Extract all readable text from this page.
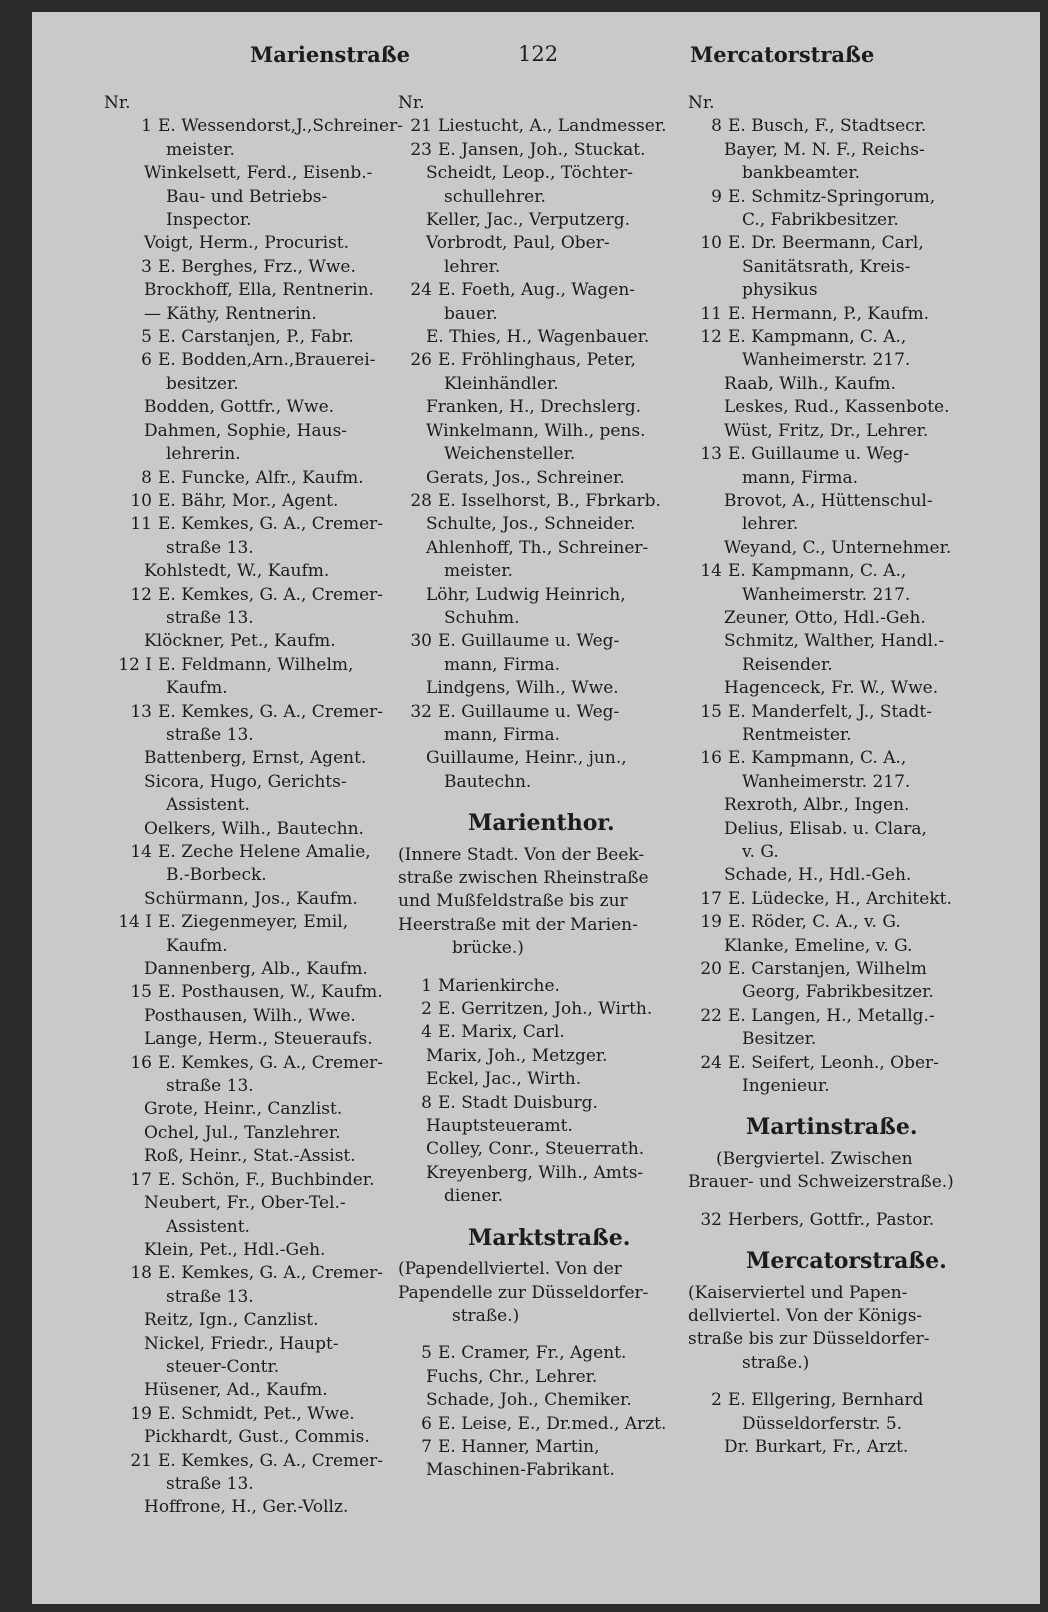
Marienstraße	122	Mercatorstraße
Nr.
1 E. Wessendorst,J.,Schreiner-
meister.
Winkelsett, Ferd., Eisenb.-
Bau- und Betriebs-
Inspector.
Voigt, Herm., Procurist.
3 E. Berghes, Frz., Wwe.
Brockhoff, Ella, Rentnerin.
— Käthy, Rentnerin.
5 E. Carstanjen, P., Fabr.
6 E. Bodden,Arn.,Brauerei-
besitzer.
Bodden, Gottfr., Wwe.
Dahmen, Sophie, Haus-
lehrerin.
8 E. Funcke, Alfr., Kaufm.
10 E. Bähr, Mor., Agent.
11 E. Kemkes, G. A., Cremer-
straße 13.
Kohlstedt, W., Kaufm.
12 E. Kemkes, G. A., Cremer-
straße 13.
Klöckner, Pet., Kaufm.
12 I E. Feldmann, Wilhelm,
Kaufm.
13 E. Kemkes, G. A., Cremer-
straße 13.
Battenberg, Ernst, Agent.
Sicora, Hugo, Gerichts-
Assistent.
Oelkers, Wilh., Bautechn.
14 E. Zeche Helene Amalie,
B.-Borbeck.
Schürmann, Jos., Kaufm.
14 I E. Ziegenmeyer, Emil,
Kaufm.
Dannenberg, Alb., Kaufm.
15 E. Posthausen, W., Kaufm.
Posthausen, Wilh., Wwe.
Lange, Herm., Steueraufs.
16 E. Kemkes, G. A., Cremer-
straße 13.
Grote, Heinr., Canzlist.
Ochel, Jul., Tanzlehrer.
Roß, Heinr., Stat.-Assist.
17 E. Schön, F., Buchbinder.
Neubert, Fr., Ober-Tel.-
Assistent.
Klein, Pet., Hdl.-Geh.
18 E. Kemkes, G. A., Cremer-
straße 13.
Reitz, Ign., Canzlist.
Nickel, Friedr., Haupt-
steuer-Contr.
Hüsener, Ad., Kaufm.
19 E. Schmidt, Pet., Wwe.
Pickhardt, Gust., Commis.
21 E. Kemkes, G. A., Cremer-
straße 13.
Hoffrone, H., Ger.-Vollz.
Nr.
21 Liestucht, A., Landmesser.
23 E. Jansen, Joh., Stuckat.
Scheidt, Leop., Töchter-
schullehrer.
Keller, Jac., Verputzerg.
Vorbrodt, Paul, Ober-
lehrer.
24 E. Foeth, Aug., Wagen-
bauer.
E. Thies, H., Wagenbauer.
26 E. Fröhlinghaus, Peter,
Kleinhändler.
Franken, H., Drechslerg.
Winkelmann, Wilh., pens.
Weichensteller.
Gerats, Jos., Schreiner.
28 E. Isselhorst, B., Fbrkarb.
Schulte, Jos., Schneider.
Ahlenhoff, Th., Schreiner-
meister.
Löhr, Ludwig Heinrich,
Schuhm.
30 E. Guillaume u. Weg-
mann, Firma.
Lindgens, Wilh., Wwe.
32 E. Guillaume u. Weg-
mann, Firma.
Guillaume, Heinr., jun.,
Bautechn.
Marienthor.
(Innere Stadt. Von der Beek-
straße zwischen Rheinstraße
und Mußfeldstraße bis zur
Heerstraße mit der Marien-
brücke.)
1 Marienkirche.
2 E. Gerritzen, Joh., Wirth.
4 E. Marix, Carl.
Marix, Joh., Metzger.
Eckel, Jac., Wirth.
8 E. Stadt Duisburg.
Hauptsteueramt.
Colley, Conr., Steuerrath.
Kreyenberg, Wilh., Amts-
diener.
Marktstraße.
(Papendellviertel. Von der
Papendelle zur Düsseldorfer-
straße.)
5 E. Cramer, Fr., Agent.
Fuchs, Chr., Lehrer.
Schade, Joh., Chemiker.
6 E. Leise, E., Dr.med., Arzt.
7 E. Hanner, Martin,
Maschinen-Fabrikant.
Nr.
8 E. Busch, F., Stadtsecr.
Bayer, M. N. F., Reichs-
bankbeamter.
9 E. Schmitz-Springorum,
C., Fabrikbesitzer.
10 E. Dr. Beermann, Carl,
Sanitätsrath, Kreis-
physikus
11 E. Hermann, P., Kaufm.
12 E. Kampmann, C. A.,
Wanheimerstr. 217.
Raab, Wilh., Kaufm.
Leskes, Rud., Kassenbote.
Wüst, Fritz, Dr., Lehrer.
13 E. Guillaume u. Weg-
mann, Firma.
Brovot, A., Hüttenschul-
lehrer.
Weyand, C., Unternehmer.
14 E. Kampmann, C. A.,
Wanheimerstr. 217.
Zeuner, Otto, Hdl.-Geh.
Schmitz, Walther, Handl.-
Reisender.
Hagenceck, Fr. W., Wwe.
15 E. Manderfelt, J., Stadt-
Rentmeister.
16 E. Kampmann, C. A.,
Wanheimerstr. 217.
Rexroth, Albr., Ingen.
Delius, Elisab. u. Clara,
v. G.
Schade, H., Hdl.-Geh.
17 E. Lüdecke, H., Architekt.
19 E. Röder, C. A., v. G.
Klanke, Emeline, v. G.
20 E. Carstanjen, Wilhelm
Georg, Fabrikbesitzer.
22 E. Langen, H., Metallg.-
Besitzer.
24 E. Seifert, Leonh., Ober-
Ingenieur.
Martinstraße.
(Bergviertel. Zwischen
Brauer- und Schweizerstraße.)
32 Herbers, Gottfr., Pastor.
Mercatorstraße.
(Kaiserviertel und Papen-
dellviertel. Von der Königs-
straße bis zur Düsseldorfer-
straße.)
2 E. Ellgering, Bernhard
Düsseldorferstr. 5.
Dr. Burkart, Fr., Arzt.
